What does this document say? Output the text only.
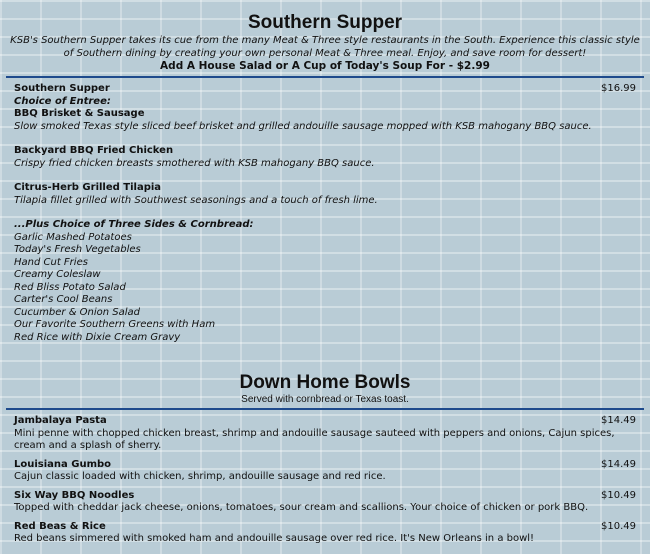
Southern Supper
KSB's Southern Supper takes its cue from the many Meat & Three style restaurants in the South. Experience this classic style of Southern dining by creating your own personal Meat & Three meal. Enjoy, and save room for dessert!
Add A House Salad or A Cup of Today's Soup For - $2.99
Southern Supper	$16.99
Choice of Entree:
BBQ Brisket & Sausage
Slow smoked Texas style sliced beef brisket and grilled andouille sausage mopped with KSB mahogany BBQ sauce.
Backyard BBQ Fried Chicken
Crispy fried chicken breasts smothered with KSB mahogany BBQ sauce.
Citrus-Herb Grilled Tilapia
Tilapia fillet grilled with Southwest seasonings and a touch of fresh lime.
...Plus Choice of Three Sides & Cornbread:
Garlic Mashed Potatoes
Today's Fresh Vegetables
Hand Cut Fries
Creamy Coleslaw
Red Bliss Potato Salad
Carter's Cool Beans
Cucumber & Onion Salad
Our Favorite Southern Greens with Ham
Red Rice with Dixie Cream Gravy
Down Home Bowls
Served with cornbread or Texas toast.
Jambalaya Pasta	$14.49
Mini penne with chopped chicken breast, shrimp and andouille sausage sauteed with peppers and onions, Cajun spices, cream and a splash of sherry.
Louisiana Gumbo	$14.49
Cajun classic loaded with chicken, shrimp, andouille sausage and red rice.
Six Way BBQ Noodles	$10.49
Topped with cheddar jack cheese, onions, tomatoes, sour cream and scallions. Your choice of chicken or pork BBQ.
Red Beas & Rice	$10.49
Red beans simmered with smoked ham and andouille sausage over red rice. It's New Orleans in a bowl!
